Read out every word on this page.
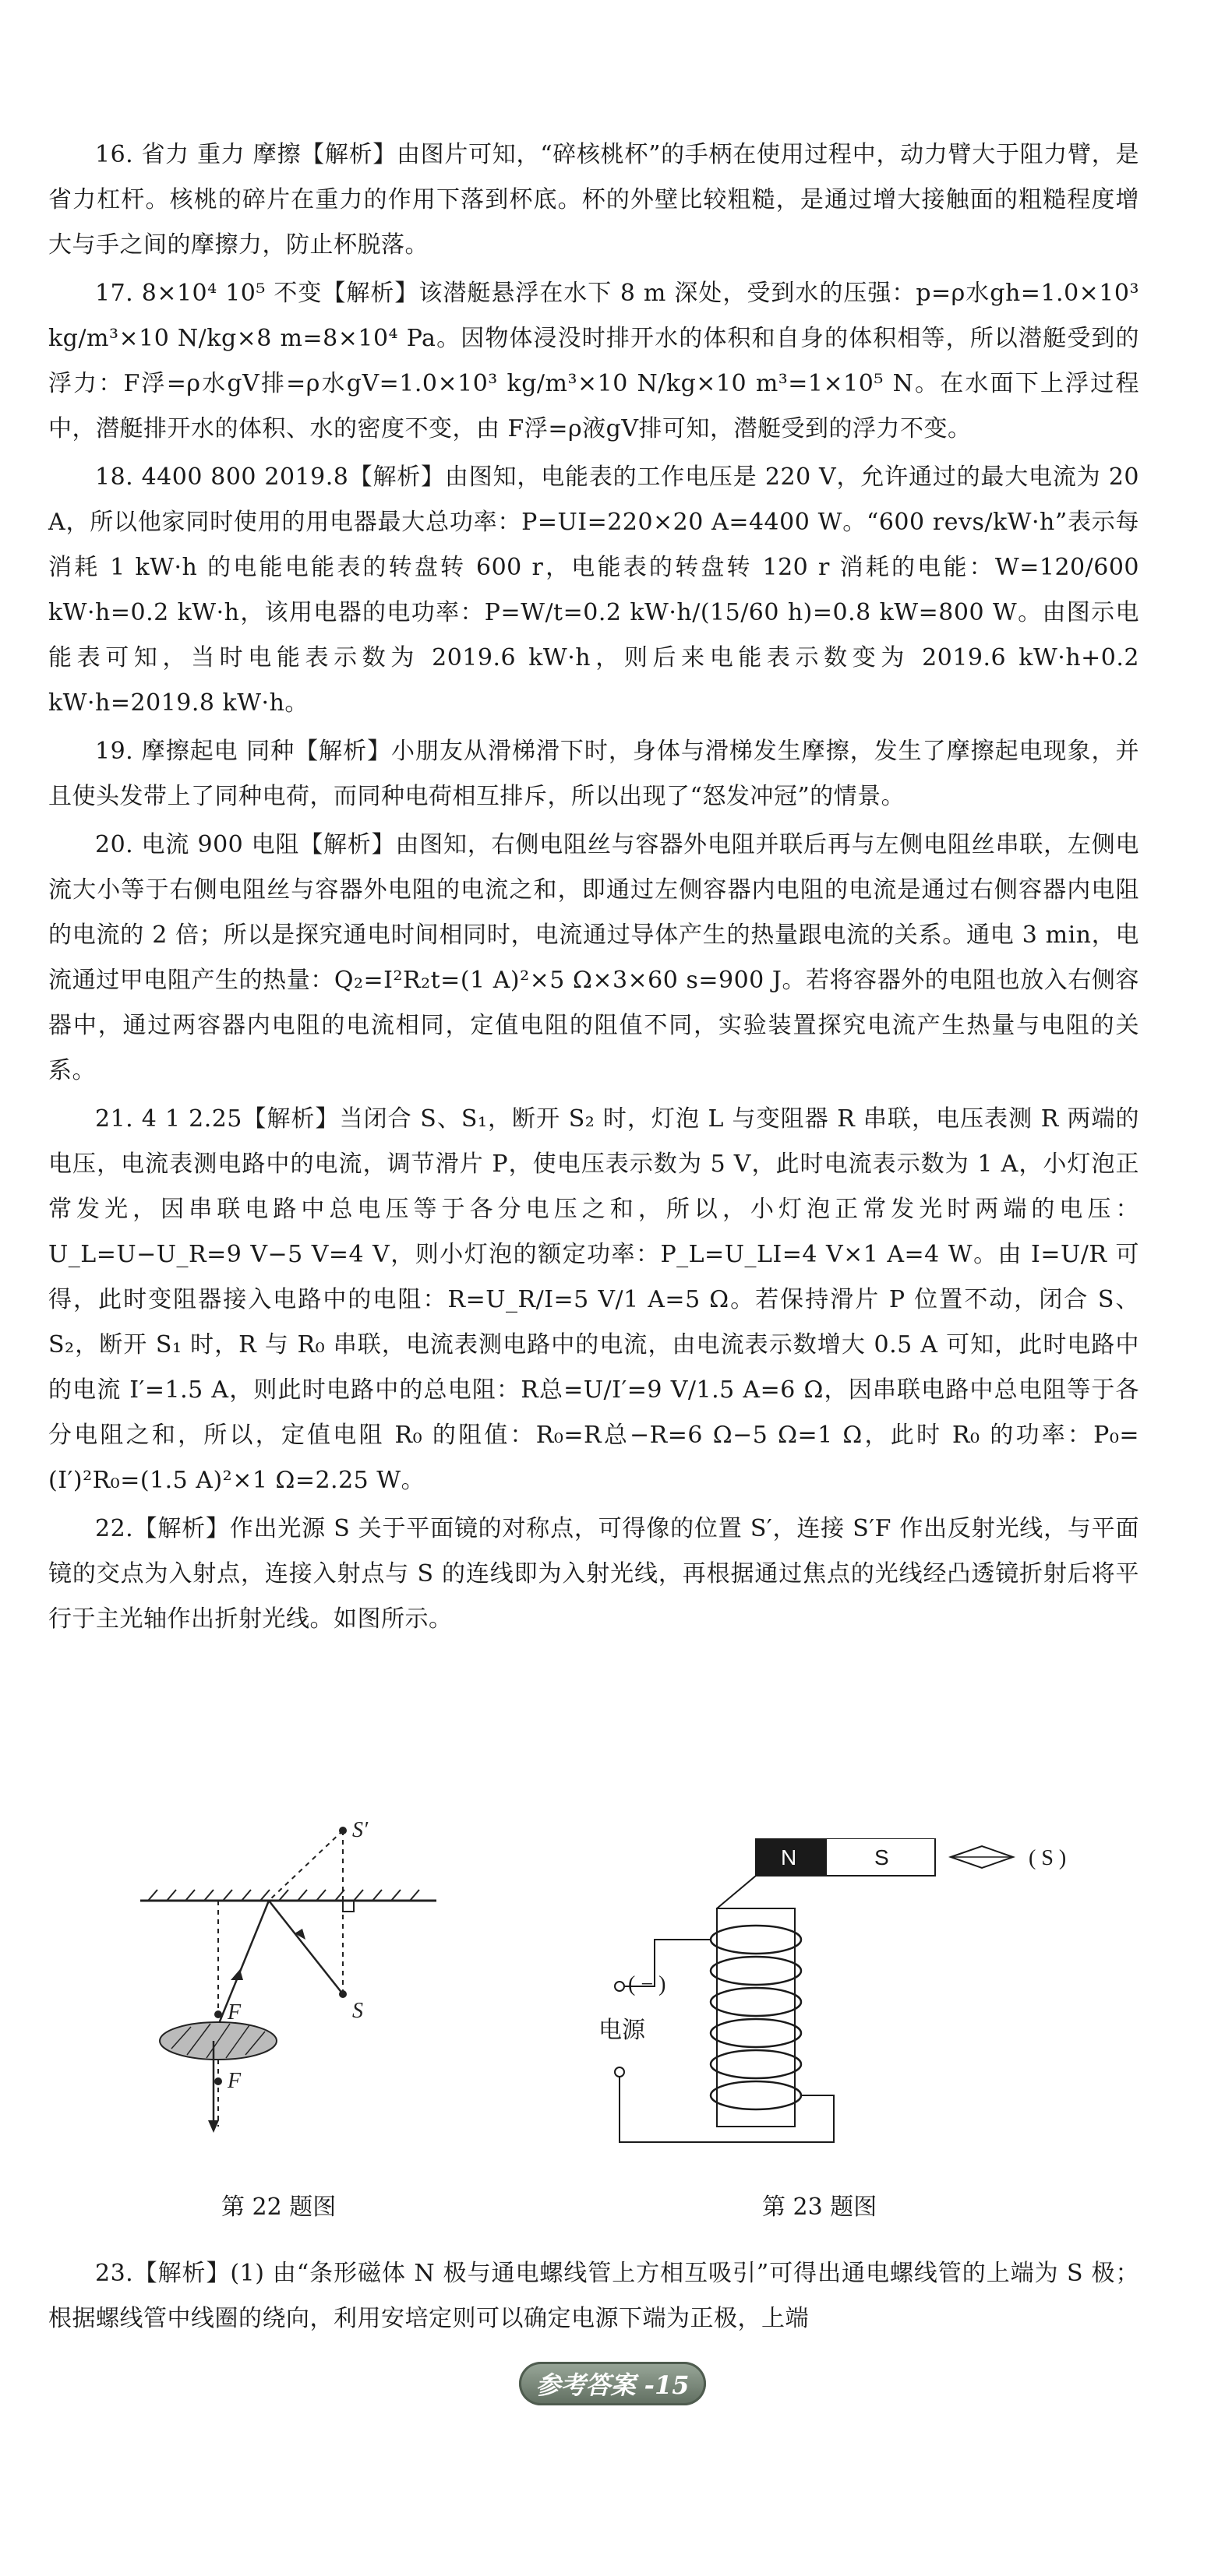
16. 省力 重力 摩擦【解析】由图片可知，“碎核桃杯”的手柄在使用过程中，动力臂大于阻力臂，是省力杠杆。核桃的碎片在重力的作用下落到杯底。杯的外壁比较粗糙，是通过增大接触面的粗糙程度增大与手之间的摩擦力，防止杯脱落。

17. 8×10⁴ 10⁵ 不变【解析】该潜艇悬浮在水下 8 m 深处，受到水的压强：p=ρ水gh=1.0×10³ kg/m³×10 N/kg×8 m=8×10⁴ Pa。因物体浸没时排开水的体积和自身的体积相等，所以潜艇受到的浮力：F浮=ρ水gV排=ρ水gV=1.0×10³ kg/m³×10 N/kg×10 m³=1×10⁵ N。在水面下上浮过程中，潜艇排开水的体积、水的密度不变，由 F浮=ρ液gV排可知，潜艇受到的浮力不变。

18. 4400 800 2019.8【解析】由图知，电能表的工作电压是 220 V，允许通过的最大电流为 20 A，所以他家同时使用的用电器最大总功率：P=UI=220×20 A=4400 W。“600 revs/kW·h”表示每消耗 1 kW·h 的电能电能表的转盘转 600 r，电能表的转盘转 120 r 消耗的电能：W=120/600 kW·h=0.2 kW·h，该用电器的电功率：P=W/t=0.2 kW·h/(15/60 h)=0.8 kW=800 W。由图示电能表可知，当时电能表示数为 2019.6 kW·h，则后来电能表示数变为 2019.6 kW·h+0.2 kW·h=2019.8 kW·h。

19. 摩擦起电 同种【解析】小朋友从滑梯滑下时，身体与滑梯发生摩擦，发生了摩擦起电现象，并且使头发带上了同种电荷，而同种电荷相互排斥，所以出现了“怒发冲冠”的情景。

20. 电流 900 电阻【解析】由图知，右侧电阻丝与容器外电阻并联后再与左侧电阻丝串联，左侧电流大小等于右侧电阻丝与容器外电阻的电流之和，即通过左侧容器内电阻的电流是通过右侧容器内电阻的电流的 2 倍；所以是探究通电时间相同时，电流通过导体产生的热量跟电流的关系。通电 3 min，电流通过甲电阻产生的热量：Q₂=I²R₂t=(1 A)²×5 Ω×3×60 s=900 J。若将容器外的电阻也放入右侧容器中，通过两容器内电阻的电流相同，定值电阻的阻值不同，实验装置探究电流产生热量与电阻的关系。

21. 4 1 2.25【解析】当闭合 S、S₁，断开 S₂ 时，灯泡 L 与变阻器 R 串联，电压表测 R 两端的电压，电流表测电路中的电流，调节滑片 P，使电压表示数为 5 V，此时电流表示数为 1 A，小灯泡正常发光，因串联电路中总电压等于各分电压之和，所以，小灯泡正常发光时两端的电压：U_L=U−U_R=9 V−5 V=4 V，则小灯泡的额定功率：P_L=U_LI=4 V×1 A=4 W。由 I=U/R 可得，此时变阻器接入电路中的电阻：R=U_R/I=5 V/1 A=5 Ω。若保持滑片 P 位置不动，闭合 S、S₂，断开 S₁ 时，R 与 R₀ 串联，电流表测电路中的电流，由电流表示数增大 0.5 A 可知，此时电路中的电流 I′=1.5 A，则此时电路中的总电阻：R总=U/I′=9 V/1.5 A=6 Ω，因串联电路中总电阻等于各分电阻之和，所以，定值电阻 R₀ 的阻值：R₀=R总−R=6 Ω−5 Ω=1 Ω，此时 R₀ 的功率：P₀=(I′)²R₀=(1.5 A)²×1 Ω=2.25 W。

22.【解析】作出光源 S 关于平面镜的对称点，可得像的位置 S′，连接 S′F 作出反射光线，与平面镜的交点为入射点，连接入射点与 S 的连线即为入射光线，再根据通过焦点的光线经凸透镜折射后将平行于主光轴作出折射光线。如图所示。

S′
S
F
F
第 22 题图
N	S	( S )
( − )
电源
第 23 题图

23.【解析】(1) 由“条形磁体 N 极与通电螺线管上方相互吸引”可得出通电螺线管的上端为 S 极；根据螺线管中线圈的绕向，利用安培定则可以确定电源下端为正极，上端

参考答案 -15
